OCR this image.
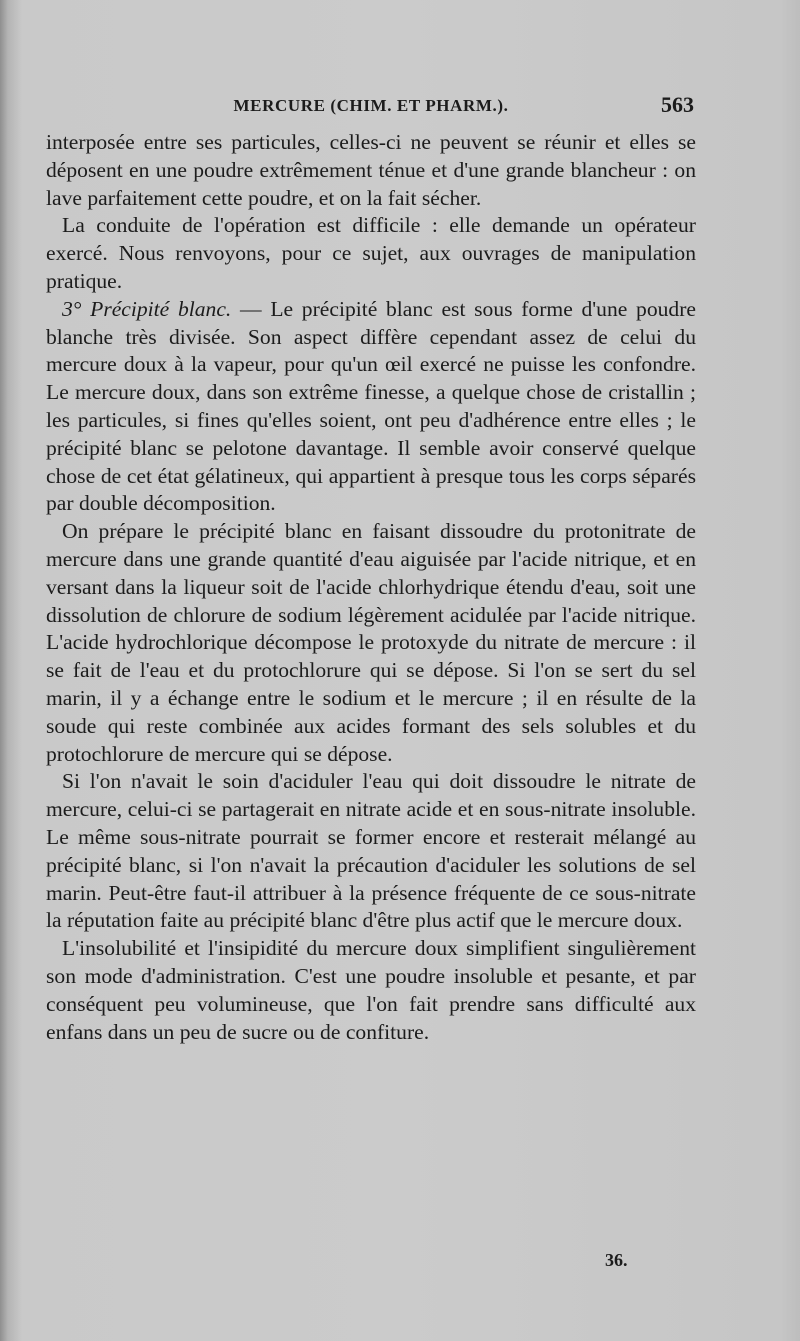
MERCURE (CHIM. ET PHARM.).	563

interposée entre ses particules, celles-ci ne peuvent se réunir et elles se déposent en une poudre extrêmement ténue et d'une grande blancheur : on lave parfaitement cette poudre, et on la fait sécher.

La conduite de l'opération est difficile : elle demande un opérateur exercé. Nous renvoyons, pour ce sujet, aux ouvrages de manipulation pratique.

3° Précipité blanc. — Le précipité blanc est sous forme d'une poudre blanche très divisée. Son aspect diffère cependant assez de celui du mercure doux à la vapeur, pour qu'un œil exercé ne puisse les confondre. Le mercure doux, dans son extrême finesse, a quelque chose de cristallin ; les particules, si fines qu'elles soient, ont peu d'adhérence entre elles ; le précipité blanc se pelotone davantage. Il semble avoir conservé quelque chose de cet état gélatineux, qui appartient à presque tous les corps séparés par double décomposition.

On prépare le précipité blanc en faisant dissoudre du protonitrate de mercure dans une grande quantité d'eau aiguisée par l'acide nitrique, et en versant dans la liqueur soit de l'acide chlorhydrique étendu d'eau, soit une dissolution de chlorure de sodium légèrement acidulée par l'acide nitrique. L'acide hydrochlorique décompose le protoxyde du nitrate de mercure : il se fait de l'eau et du protochlorure qui se dépose. Si l'on se sert du sel marin, il y a échange entre le sodium et le mercure ; il en résulte de la soude qui reste combinée aux acides formant des sels solubles et du protochlorure de mercure qui se dépose.

Si l'on n'avait le soin d'aciduler l'eau qui doit dissoudre le nitrate de mercure, celui-ci se partagerait en nitrate acide et en sous-nitrate insoluble. Le même sous-nitrate pourrait se former encore et resterait mélangé au précipité blanc, si l'on n'avait la précaution d'aciduler les solutions de sel marin. Peut-être faut-il attribuer à la présence fréquente de ce sous-nitrate la réputation faite au précipité blanc d'être plus actif que le mercure doux.

L'insolubilité et l'insipidité du mercure doux simplifient singulièrement son mode d'administration. C'est une poudre insoluble et pesante, et par conséquent peu volumineuse, que l'on fait prendre sans difficulté aux enfans dans un peu de sucre ou de confiture.

36.
